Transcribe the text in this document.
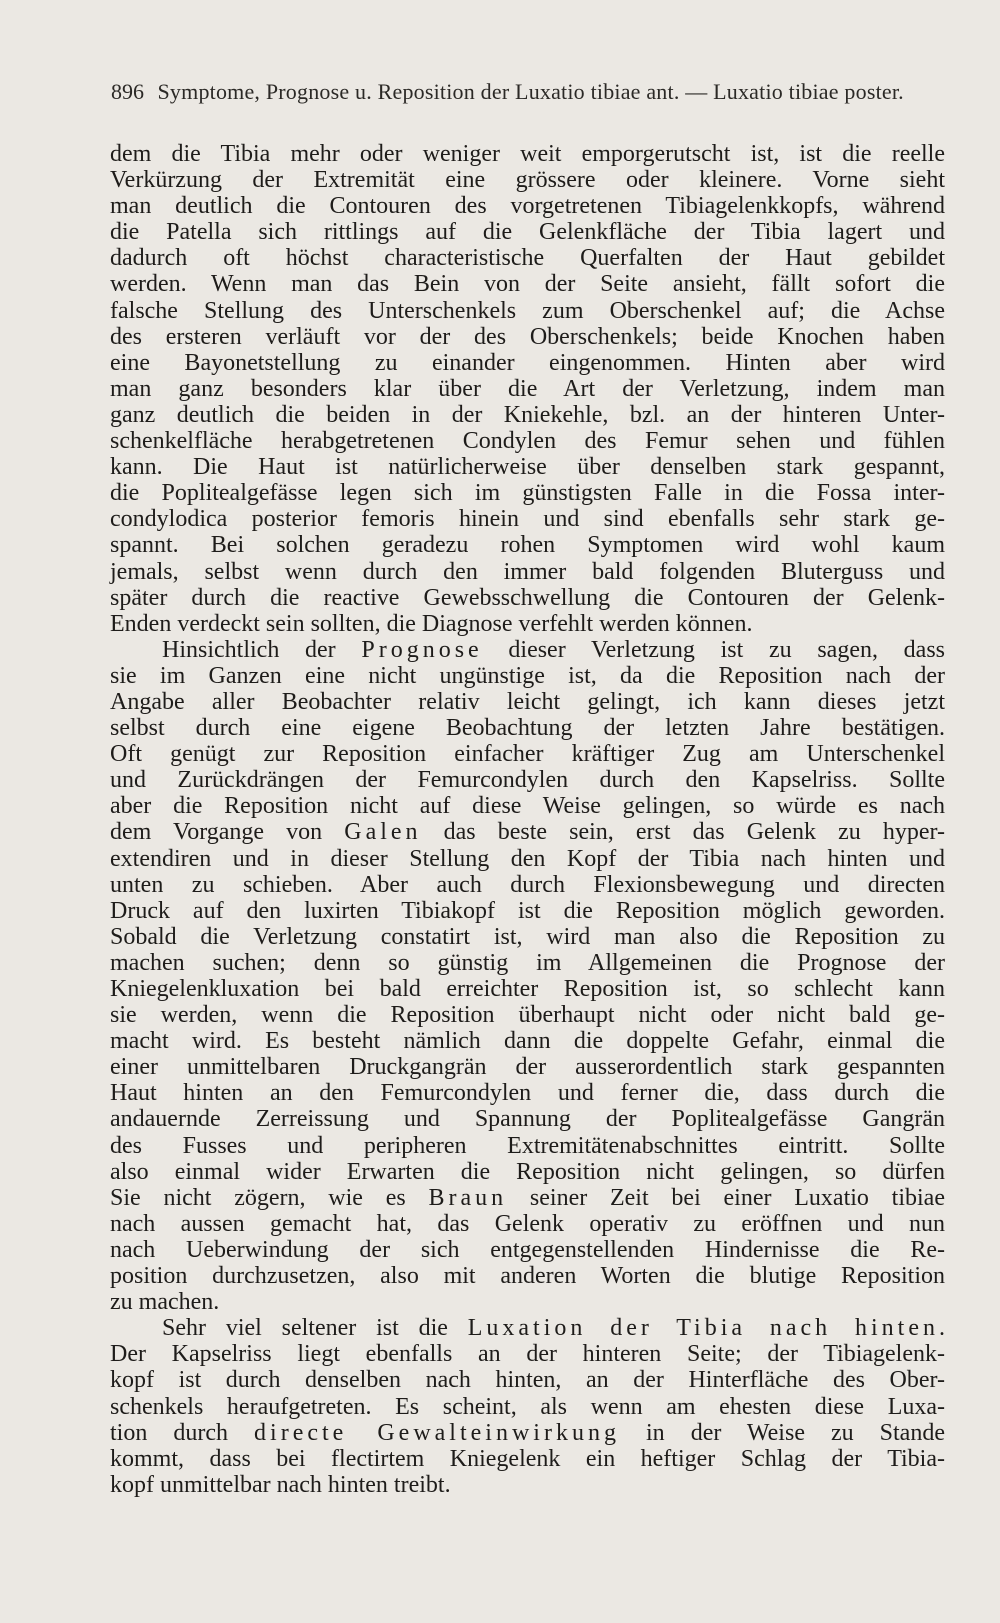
896 Symptome, Prognose u. Reposition der Luxatio tibiae ant. — Luxatio tibiae poster.
dem die Tibia mehr oder weniger weit emporgerutscht ist, ist die reelle
Verkürzung der Extremität eine grössere oder kleinere. Vorne sieht
man deutlich die Contouren des vorgetretenen Tibiagelenkkopfs, während
die Patella sich rittlings auf die Gelenkfläche der Tibia lagert und
dadurch oft höchst characteristische Querfalten der Haut gebildet
werden. Wenn man das Bein von der Seite ansieht, fällt sofort die
falsche Stellung des Unterschenkels zum Oberschenkel auf; die Achse
des ersteren verläuft vor der des Oberschenkels; beide Knochen haben
eine Bayonetstellung zu einander eingenommen. Hinten aber wird
man ganz besonders klar über die Art der Verletzung, indem man
ganz deutlich die beiden in der Kniekehle, bzl. an der hinteren Unter-
schenkelfläche herabgetretenen Condylen des Femur sehen und fühlen
kann. Die Haut ist natürlicherweise über denselben stark gespannt,
die Poplitealgefässe legen sich im günstigsten Falle in die Fossa inter-
condylodica posterior femoris hinein und sind ebenfalls sehr stark ge-
spannt. Bei solchen geradezu rohen Symptomen wird wohl kaum
jemals, selbst wenn durch den immer bald folgenden Bluterguss und
später durch die reactive Gewebsschwellung die Contouren der Gelenk-
Enden verdeckt sein sollten, die Diagnose verfehlt werden können.
Hinsichtlich der Prognose dieser Verletzung ist zu sagen, dass
sie im Ganzen eine nicht ungünstige ist, da die Reposition nach der
Angabe aller Beobachter relativ leicht gelingt, ich kann dieses jetzt
selbst durch eine eigene Beobachtung der letzten Jahre bestätigen.
Oft genügt zur Reposition einfacher kräftiger Zug am Unterschenkel
und Zurückdrängen der Femurcondylen durch den Kapselriss. Sollte
aber die Reposition nicht auf diese Weise gelingen, so würde es nach
dem Vorgange von Galen das beste sein, erst das Gelenk zu hyper-
extendiren und in dieser Stellung den Kopf der Tibia nach hinten und
unten zu schieben. Aber auch durch Flexionsbewegung und directen
Druck auf den luxirten Tibiakopf ist die Reposition möglich geworden.
Sobald die Verletzung constatirt ist, wird man also die Reposition zu
machen suchen; denn so günstig im Allgemeinen die Prognose der
Kniegelenkluxation bei bald erreichter Reposition ist, so schlecht kann
sie werden, wenn die Reposition überhaupt nicht oder nicht bald ge-
macht wird. Es besteht nämlich dann die doppelte Gefahr, einmal die
einer unmittelbaren Druckgangrän der ausserordentlich stark gespannten
Haut hinten an den Femurcondylen und ferner die, dass durch die
andauernde Zerreissung und Spannung der Poplitealgefässe Gangrän
des Fusses und peripheren Extremitätenabschnittes eintritt. Sollte
also einmal wider Erwarten die Reposition nicht gelingen, so dürfen
Sie nicht zögern, wie es Braun seiner Zeit bei einer Luxatio tibiae
nach aussen gemacht hat, das Gelenk operativ zu eröffnen und nun
nach Ueberwindung der sich entgegenstellenden Hindernisse die Re-
position durchzusetzen, also mit anderen Worten die blutige Reposition
zu machen.
Sehr viel seltener ist die Luxation der Tibia nach hinten.
Der Kapselriss liegt ebenfalls an der hinteren Seite; der Tibiagelenk-
kopf ist durch denselben nach hinten, an der Hinterfläche des Ober-
schenkels heraufgetreten. Es scheint, als wenn am ehesten diese Luxa-
tion durch directe Gewalteinwirkung in der Weise zu Stande
kommt, dass bei flectirtem Kniegelenk ein heftiger Schlag der Tibia-
kopf unmittelbar nach hinten treibt.
